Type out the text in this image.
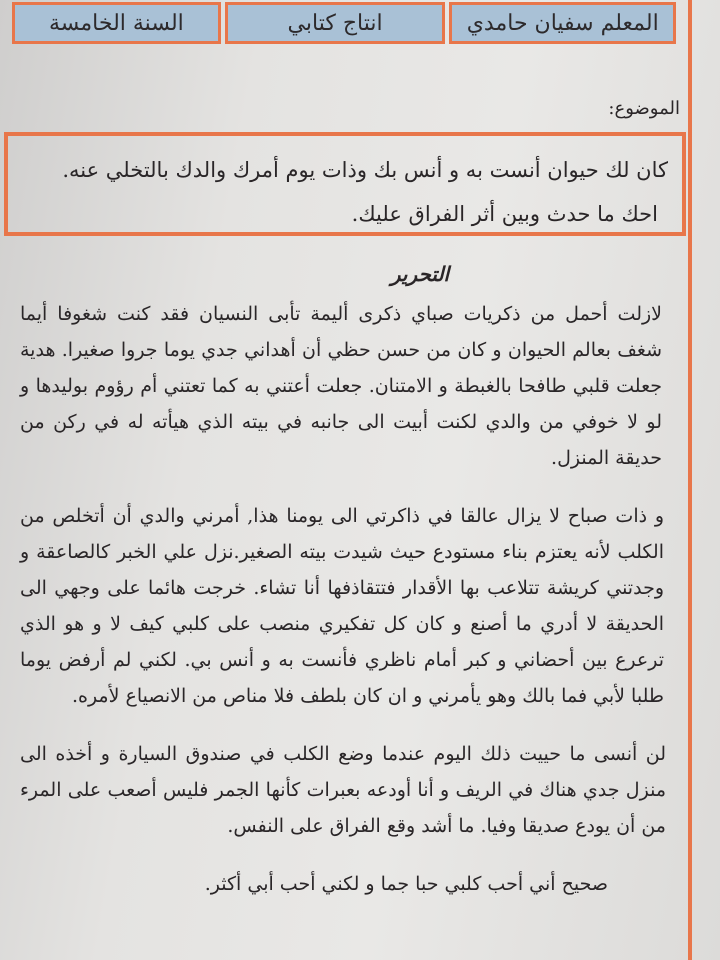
المعلم سفيان حامدي
انتاج كتابي
السنة الخامسة
الموضوع:
كان لك حيوان أنست به و أنس بك وذات يوم أمرك والدك بالتخلي عنه.
احك ما حدث وبين أثر الفراق عليك.
التحرير

لازلت أحمل من ذكريات صباي ذكرى أليمة تأبى النسيان فقد كنت شغوفا أيما شغف بعالم الحيوان و كان من حسن حظي أن أهداني جدي يوما جروا صغيرا. هدية جعلت قلبي طافحا بالغبطة و الامتنان. جعلت أعتني به كما تعتني أم رؤوم بوليدها و لو لا خوفي من والدي لكنت أبيت الى جانبه في بيته الذي هيأته له في ركن من حديقة المنزل.

و ذات صباح لا يزال عالقا في ذاكرتي الى يومنا هذا, أمرني والدي أن أتخلص من الكلب لأنه يعتزم بناء مستودع حيث شيدت بيته الصغير.نزل علي الخبر كالصاعقة و وجدتني كريشة تتلاعب بها الأقدار فتتقاذفها أنا تشاء. خرجت هائما على وجهي الى الحديقة لا أدري ما أصنع و كان كل تفكيري منصب على كلبي كيف لا و هو الذي ترعرع بين أحضاني و كبر أمام ناظري فأنست به و أنس بي. لكني لم أرفض يوما طلبا لأبي فما بالك وهو يأمرني و ان كان بلطف فلا مناص من الانصياع لأمره.

لن أنسى ما حييت ذلك اليوم عندما وضع الكلب في صندوق السيارة و أخذه الى منزل جدي هناك في الريف و أنا أودعه بعبرات كأنها الجمر فليس أصعب على المرء من أن يودع صديقا وفيا. ما أشد وقع الفراق على النفس.

صحيح أني أحب كلبي حبا جما و لكني أحب أبي أكثر.
